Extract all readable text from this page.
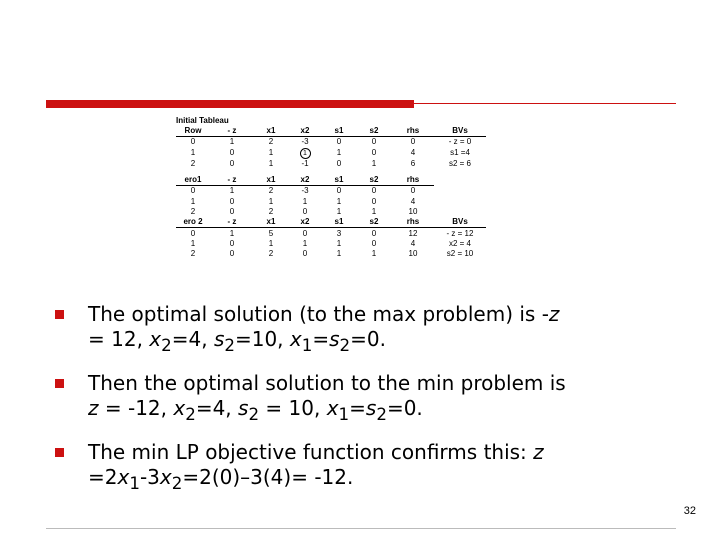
Initial Tableau
Row	- z	x1	x2	s1	s2	rhs	BVs
0	1	2	-3	0	0	0	- z = 0
1	0	1	1	1	0	4	s1 =4
2	0	1	-1	0	1	6	s2 = 6

ero1	- z	x1	x2	s1	s2	rhs	
0	1	2	-3	0	0	0	
1	0	1	1	1	0	4	
2	0	2	0	1	1	10	
ero 2	- z	x1	x2	s1	s2	rhs	BVs
0	1	5	0	3	0	12	- z = 12
1	0	1	1	1	0	4	x2 = 4
2	0	2	0	1	1	10	s2 = 10
The optimal solution (to the max problem) is -z
= 12, $x_2=4$, $s_2=10$, $x_1=s_2=0$.
Then the optimal solution to the min problem is
z = -12, $x_2=4$, $s_2 = 10$, $x_1=s_2=0$.
The min LP objective function confirms this: z
$=2x_1-3x_2=2(0)-3(4)= -12$.
32
